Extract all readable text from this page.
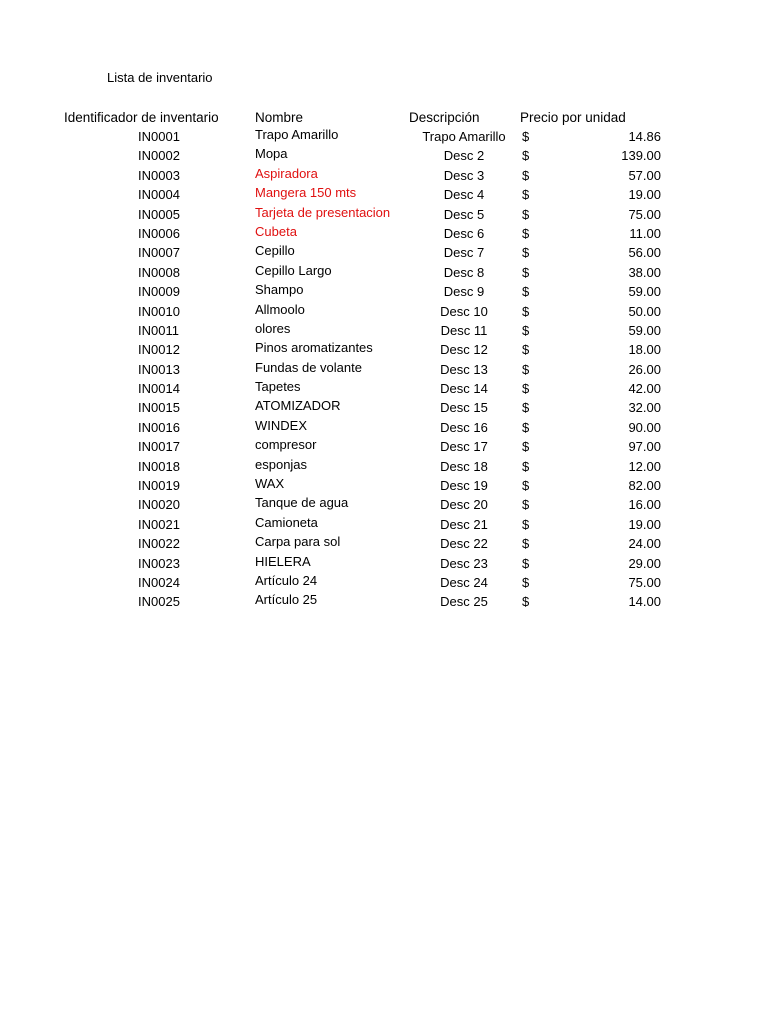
Lista de inventario
Identificador de inventario	Nombre	Descripción	Precio por unidad
IN0001	Trapo Amarillo	Trapo Amarillo	$	14.86
IN0002	Mopa	Desc 2	$	139.00
IN0003	Aspiradora	Desc 3	$	57.00
IN0004	Mangera 150 mts	Desc 4	$	19.00
IN0005	Tarjeta de presentacion	Desc 5	$	75.00
IN0006	Cubeta	Desc 6	$	11.00
IN0007	Cepillo	Desc 7	$	56.00
IN0008	Cepillo Largo	Desc 8	$	38.00
IN0009	Shampo	Desc 9	$	59.00
IN0010	Allmoolo	Desc 10	$	50.00
IN0011	olores	Desc 11	$	59.00
IN0012	Pinos aromatizantes	Desc 12	$	18.00
IN0013	Fundas de volante	Desc 13	$	26.00
IN0014	Tapetes	Desc 14	$	42.00
IN0015	ATOMIZADOR	Desc 15	$	32.00
IN0016	WINDEX	Desc 16	$	90.00
IN0017	compresor	Desc 17	$	97.00
IN0018	esponjas	Desc 18	$	12.00
IN0019	WAX	Desc 19	$	82.00
IN0020	Tanque de agua	Desc 20	$	16.00
IN0021	Camioneta	Desc 21	$	19.00
IN0022	Carpa para sol	Desc 22	$	24.00
IN0023	HIELERA	Desc 23	$	29.00
IN0024	Artículo 24	Desc 24	$	75.00
IN0025	Artículo 25	Desc 25	$	14.00
